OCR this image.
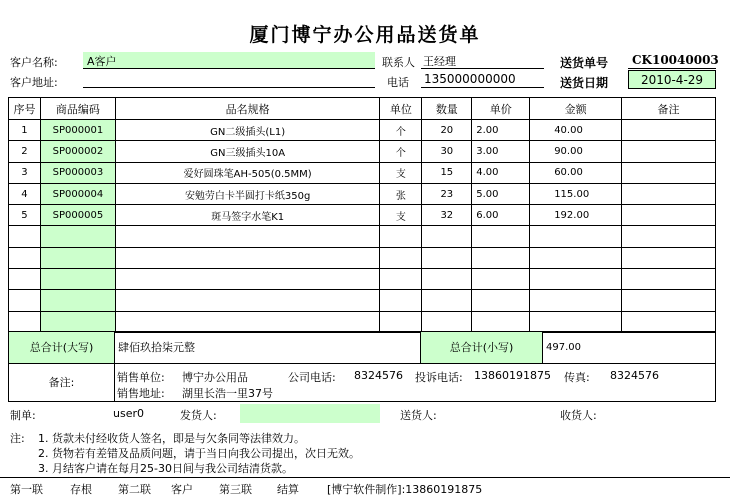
厦门博宁办公用品送货单
客户名称:	A客户	联系人 王经理	送货单号	CK10040003
客户地址:	电话 135000000000	送货日期	2010-4-29
序号	商品编码	品名规格	单位	数量	单价	金额	备注
1	SP000001	GN二级插头(L1)	个	20	2.00	40.00	
2	SP000002	GN三级插头10A	个	30	3.00	90.00	
3	SP000003	爱好圆珠笔AH-505(0.5MM)	支	15	4.00	60.00	
4	SP000004	安勉劳白卡半圆打卡纸350g	张	23	5.00	115.00	
5	SP000005	斑马签字水笔K1	支	32	6.00	192.00	

总合计(大写)	肆佰玖拾柒元整	总合计(小写)	497.00
备注:	销售单位: 博宁办公用品	公司电话: 8324576 投诉电话: 13860191875 传真: 8324576
销售地址: 湖里长浩一里37号
制单:	user0	发货人:	送货人:	收货人:
注: 1. 货款未付经收货人签名，即是与欠条同等法律效力。
2. 货物若有差错及品质问题，请于当日向我公司提出，次日无效。
3. 月结客户请在每月25-30日间与我公司结清货款。
第一联 存根 第二联 客户 第三联 结算	[博宁软件制作]:13860191875
